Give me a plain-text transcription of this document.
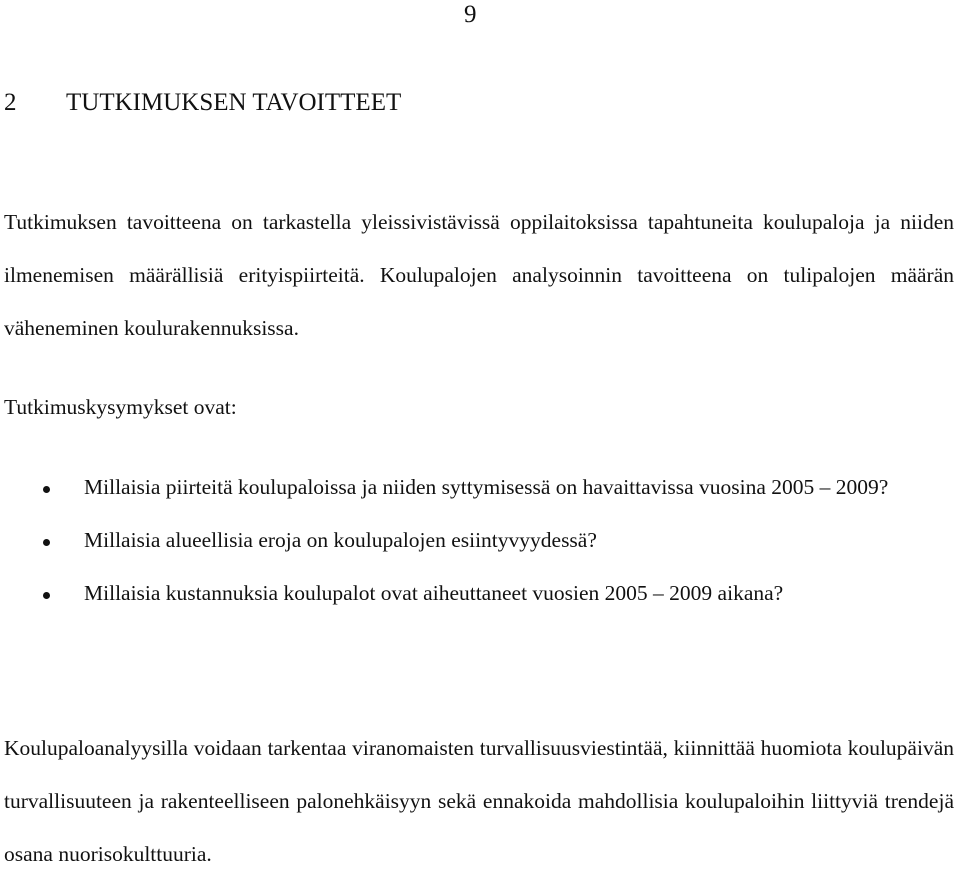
9
2 TUTKIMUKSEN TAVOITTEET

Tutkimuksen tavoitteena on tarkastella yleissivistävissä oppilaitoksissa tapahtuneita koulupaloja ja niiden ilmenemisen määrällisiä erityispiirteitä. Koulupalojen analysoinnin tavoitteena on tulipalojen määrän väheneminen koulurakennuksissa.

Tutkimuskysymykset ovat:

Millaisia piirteitä koulupaloissa ja niiden syttymisessä on havaittavissa vuosina 2005 – 2009?
Millaisia alueellisia eroja on koulupalojen esiintyvyydessä?
Millaisia kustannuksia koulupalot ovat aiheuttaneet vuosien 2005 – 2009 aikana?

Koulupaloanalyysilla voidaan tarkentaa viranomaisten turvallisuusviestintää, kiinnittää huomiota koulupäivän turvallisuuteen ja rakenteelliseen palonehkäisyyn sekä ennakoida mahdollisia koulupaloihin liittyviä trendejä osana nuorisokulttuuria.
